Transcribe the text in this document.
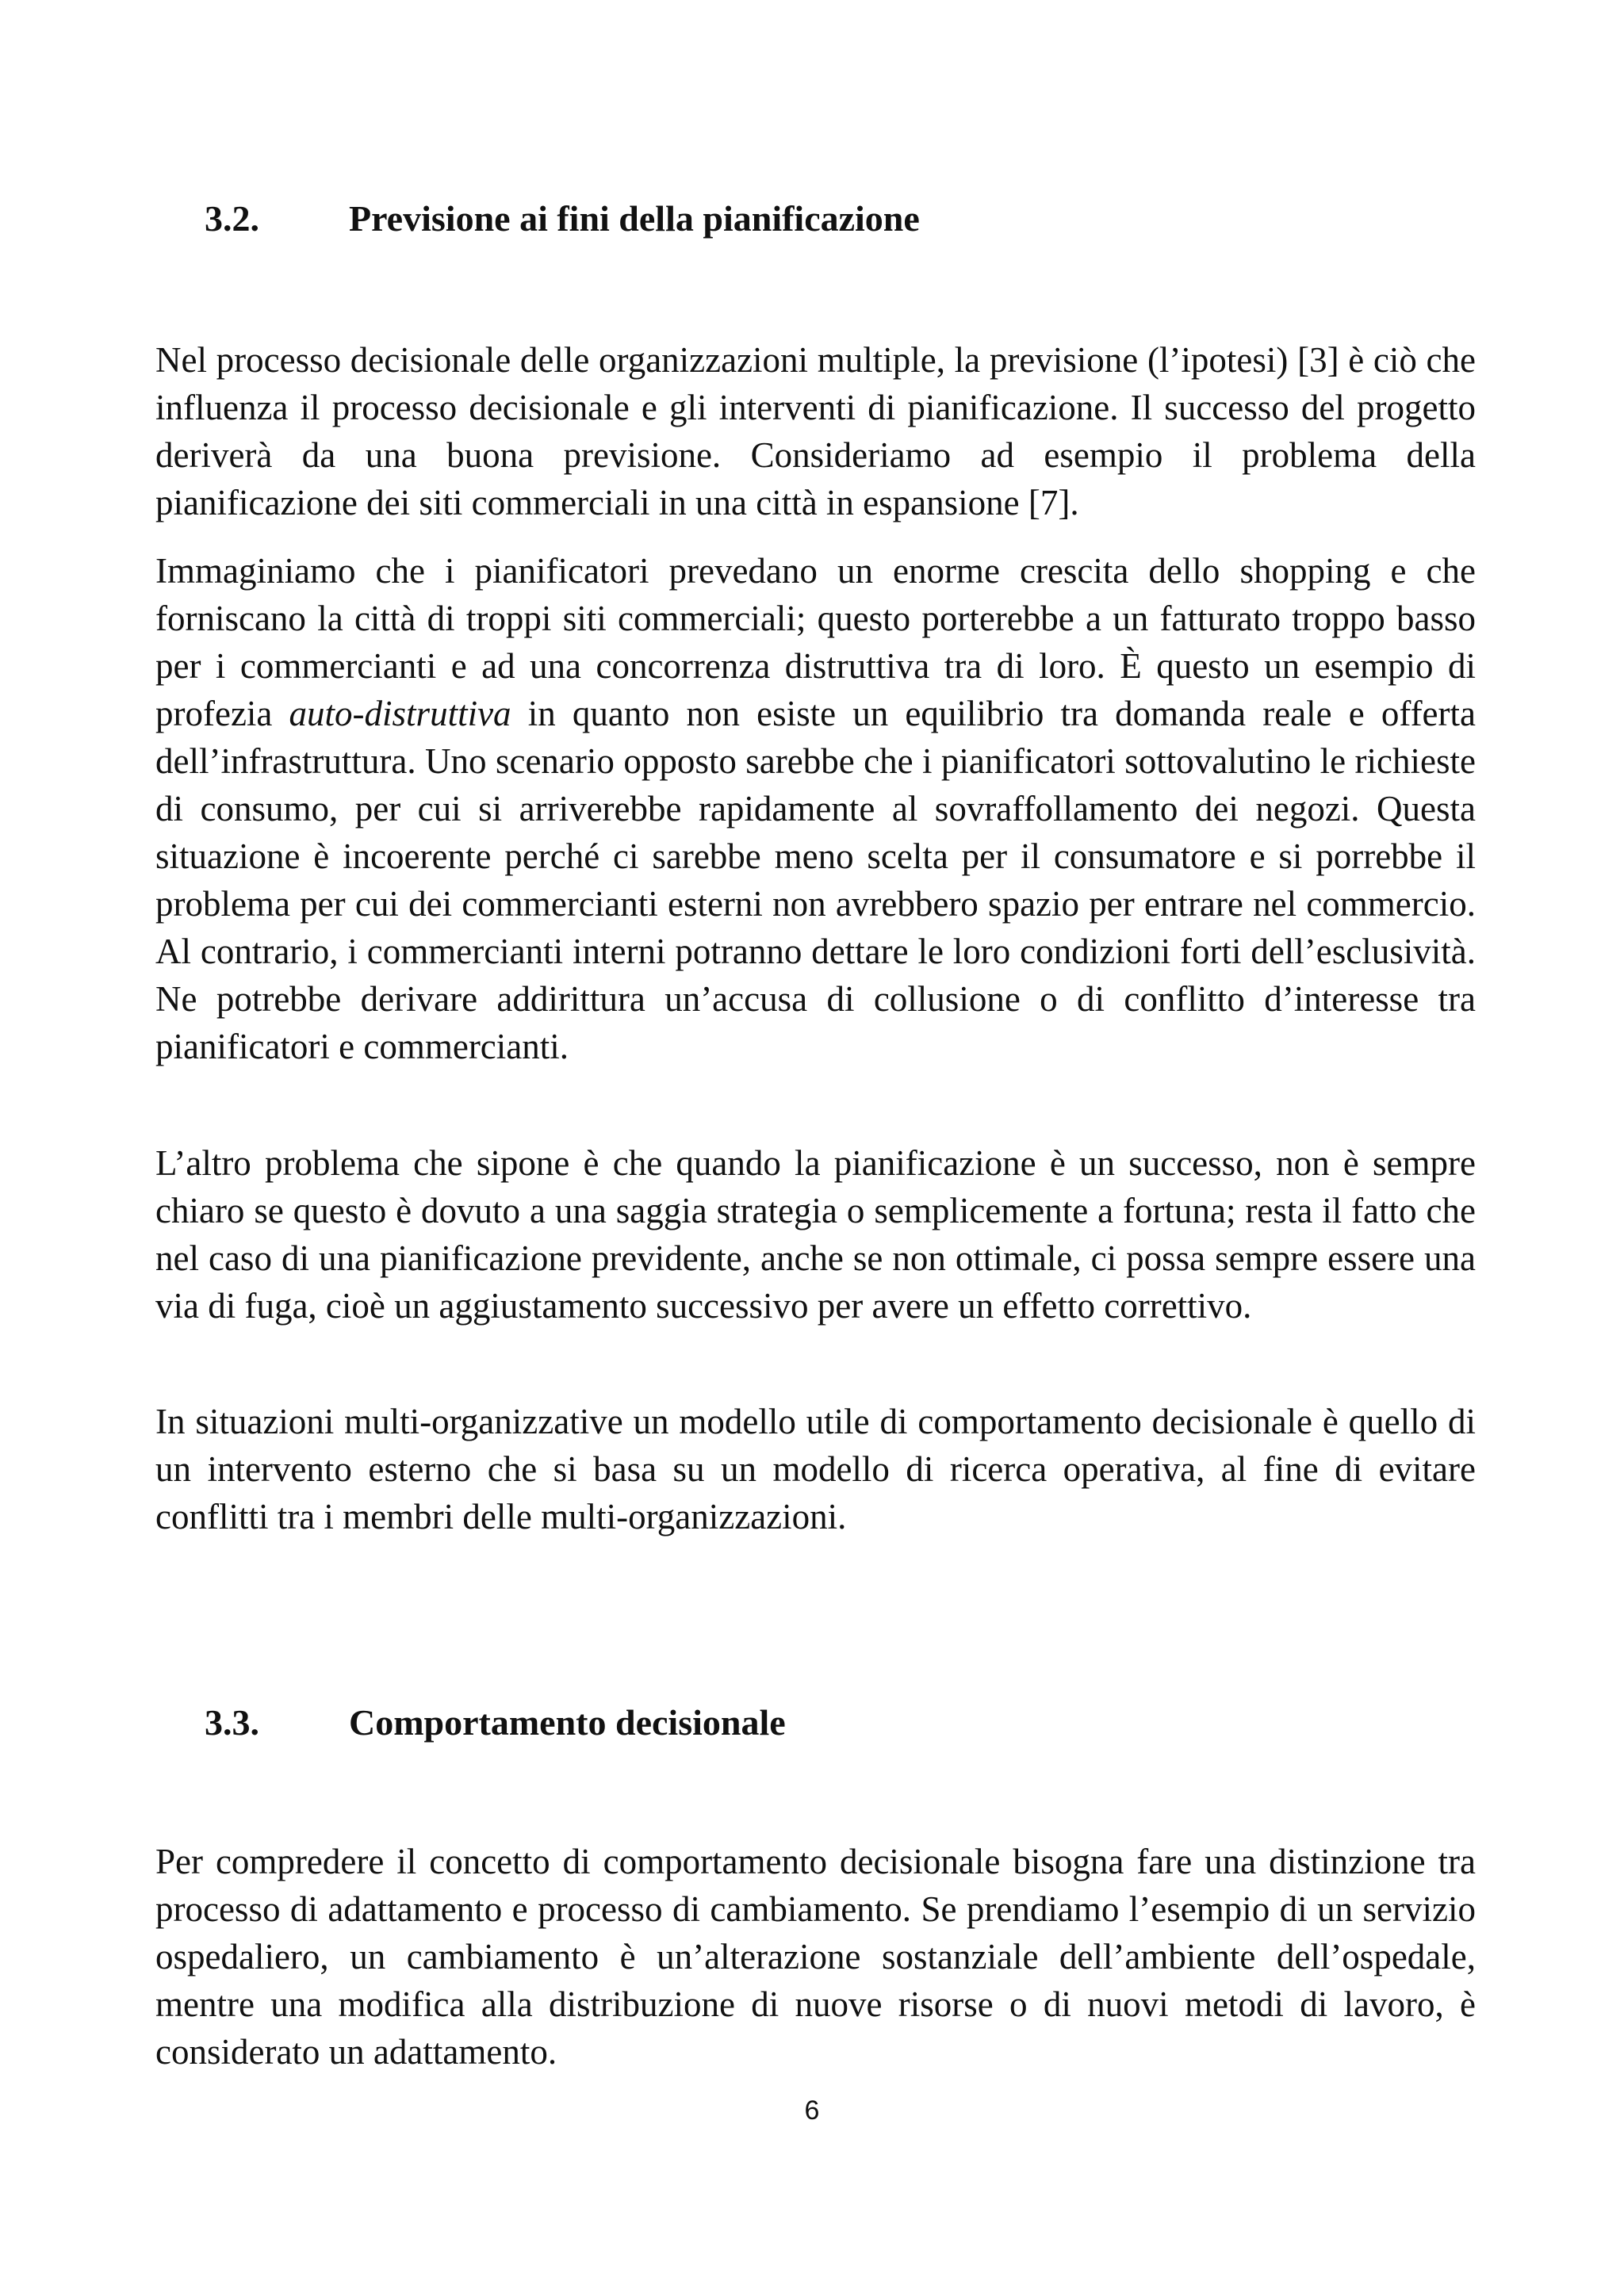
3.2. Previsione ai fini della pianificazione

Nel processo decisionale delle organizzazioni multiple, la previsione (l’ipotesi) [3] è ciò che influenza il processo decisionale e gli interventi di pianificazione. Il successo del progetto deriverà da una buona previsione. Consideriamo ad esempio il problema della pianificazione dei siti commerciali in una città in espansione [7].

Immaginiamo che i pianificatori prevedano un enorme crescita dello shopping e che forniscano la città di troppi siti commerciali; questo porterebbe a un fatturato troppo basso per i commercianti e ad una concorrenza distruttiva tra di loro. È questo un esempio di profezia auto-distruttiva in quanto non esiste un equilibrio tra domanda reale e offerta dell’infrastruttura. Uno scenario opposto sarebbe che i pianificatori sottovalutino le richieste di consumo, per cui si arriverebbe rapidamente al sovraffollamento dei negozi. Questa situazione è incoerente perché ci sarebbe meno scelta per il consumatore e si porrebbe il problema per cui dei commercianti esterni non avrebbero spazio per entrare nel commercio. Al contrario, i commercianti interni potranno dettare le loro condizioni forti dell’esclusività. Ne potrebbe derivare addirittura un’accusa di collusione o di conflitto d’interesse tra pianificatori e commercianti.

L’altro problema che sipone è che quando la pianificazione è un successo, non è sempre chiaro se questo è dovuto a una saggia strategia o semplicemente a fortuna; resta il fatto che nel caso di una pianificazione previdente, anche se non ottimale, ci possa sempre essere una via di fuga, cioè un aggiustamento successivo per avere un effetto correttivo.

In situazioni multi-organizzative un modello utile di comportamento decisionale è quello di un intervento esterno che si basa su un modello di ricerca operativa, al fine di evitare conflitti tra i membri delle multi-organizzazioni.

3.3. Comportamento decisionale

Per compredere il concetto di comportamento decisionale bisogna fare una distinzione tra processo di adattamento e processo di cambiamento. Se prendiamo l’esempio di un servizio ospedaliero, un cambiamento è un’alterazione sostanziale dell’ambiente dell’ospedale, mentre una modifica alla distribuzione di nuove risorse o di nuovi metodi di lavoro, è considerato un adattamento.

6
